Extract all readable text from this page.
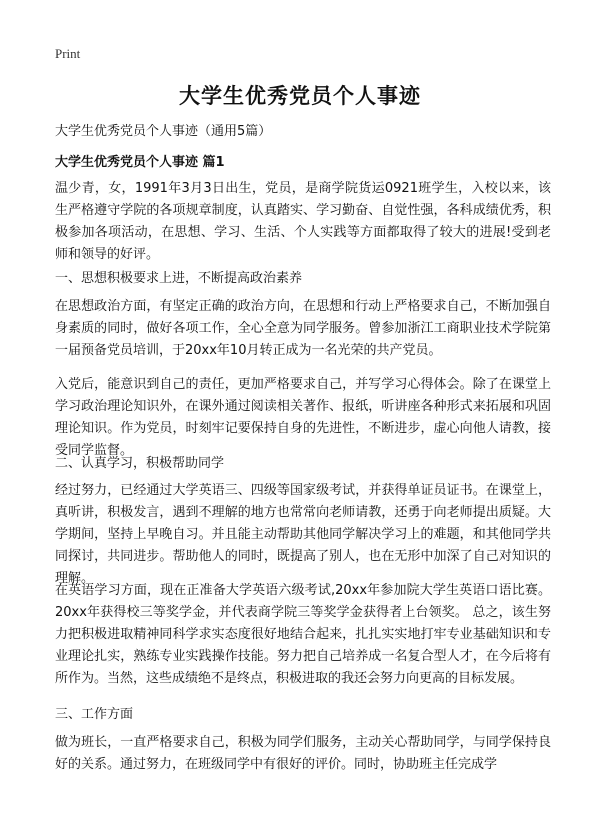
Print
大学生优秀党员个人事迹
大学生优秀党员个人事迹（通用5篇）
大学生优秀党员个人事迹 篇1
温少青，女，1991年3月3日出生，党员，是商学院货运0921班学生，入校以来，该生严格遵守学院的各项规章制度，认真踏实、学习勤奋、自觉性强，各科成绩优秀，积极参加各项活动，在思想、学习、生活、个人实践等方面都取得了较大的进展!受到老师和领导的好评。
一、思想积极要求上进，不断提高政治素养
在思想政治方面，有坚定正确的政治方向，在思想和行动上严格要求自己，不断加强自身素质的同时，做好各项工作，全心全意为同学服务。曾参加浙江工商职业技术学院第一届预备党员培训，于20xx年10月转正成为一名光荣的共产党员。
入党后，能意识到自己的责任，更加严格要求自己，并写学习心得体会。除了在课堂上学习政治理论知识外，在课外通过阅读相关著作、报纸，听讲座各种形式来拓展和巩固理论知识。作为党员，时刻牢记要保持自身的先进性，不断进步，虚心向他人请教，接受同学监督。
二、认真学习，积极帮助同学
经过努力，已经通过大学英语三、四级等国家级考试，并获得单证员证书。在课堂上，真听讲，积极发言，遇到不理解的地方也常常向老师请教，还勇于向老师提出质疑。大学期间，坚持上早晚自习。并且能主动帮助其他同学解决学习上的难题，和其他同学共同探讨，共同进步。帮助他人的同时，既提高了别人，也在无形中加深了自己对知识的理解。
在英语学习方面，现在正准备大学英语六级考试,20xx年参加院大学生英语口语比赛。20xx年获得校三等奖学金，并代表商学院三等奖学金获得者上台领奖。 总之，该生努力把积极进取精神同科学求实态度很好地结合起来，扎扎实实地打牢专业基础知识和专业理论扎实，熟练专业实践操作技能。努力把自己培养成一名复合型人才，在今后将有所作为。当然，这些成绩绝不是终点，积极进取的我还会努力向更高的目标发展。
三、工作方面
做为班长，一直严格要求自己，积极为同学们服务，主动关心帮助同学，与同学保持良好的关系。通过努力，在班级同学中有很好的评价。同时，协助班主任完成学
